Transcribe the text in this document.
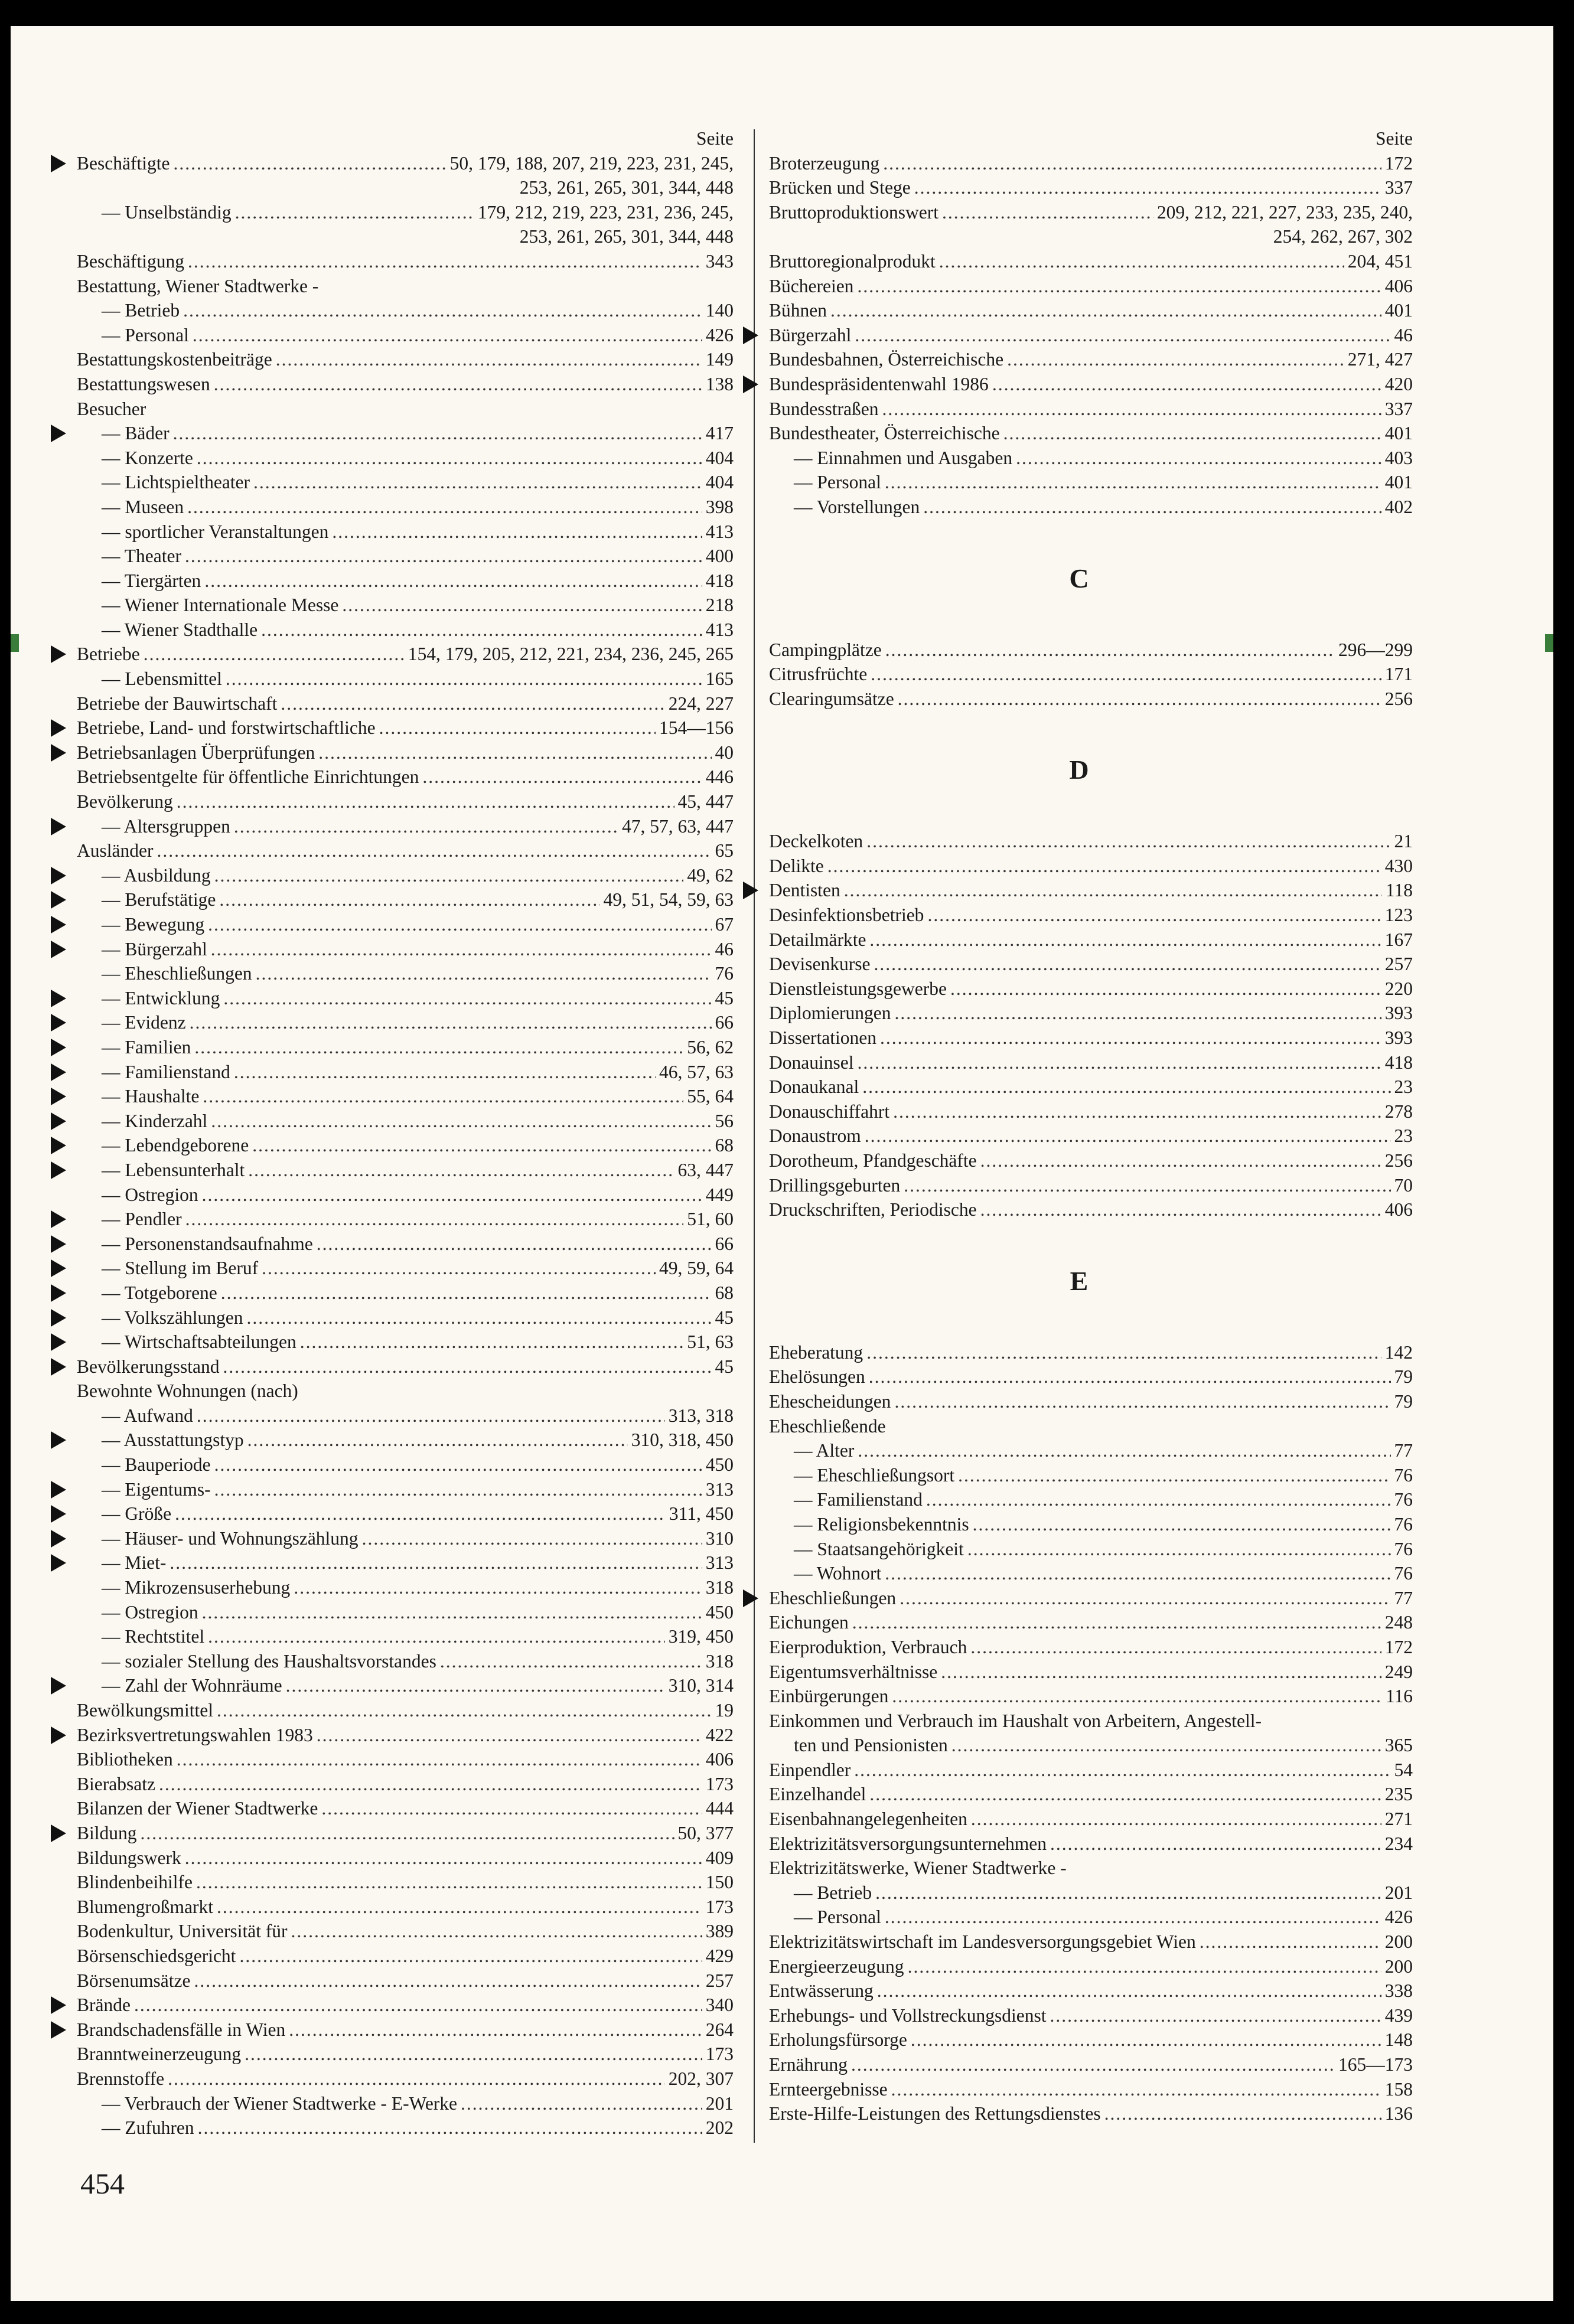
Seite
Beschäftigte .....	50, 179, 188, 207, 219, 223, 231, 245,
253, 261, 265, 301, 344, 448
— Unselbständig .....	179, 212, 219, 223, 231, 236, 245,
253, 261, 265, 301, 344, 448
Beschäftigung .....	343
Bestattung, Wiener Stadtwerke -
— Betrieb .....	140
— Personal .....	426
Bestattungskostenbeiträge .....	149
Bestattungswesen .....	138
Besucher
— Bäder .....	417
— Konzerte .....	404
— Lichtspieltheater .....	404
— Museen .....	398
— sportlicher Veranstaltungen .....	413
— Theater .....	400
— Tiergärten .....	418
— Wiener Internationale Messe .....	218
— Wiener Stadthalle .....	413
Betriebe .....	154, 179, 205, 212, 221, 234, 236, 245, 265
— Lebensmittel .....	165
Betriebe der Bauwirtschaft .....	224, 227
Betriebe, Land- und forstwirtschaftliche .....	154—156
Betriebsanlagen Überprüfungen .....	40
Betriebsentgelte für öffentliche Einrichtungen .....	446
Bevölkerung .....	45, 447
— Altersgruppen .....	47, 57, 63, 447
Ausländer .....	65
— Ausbildung .....	49, 62
— Berufstätige .....	49, 51, 54, 59, 63
— Bewegung .....	67
— Bürgerzahl .....	46
— Eheschließungen .....	76
— Entwicklung .....	45
— Evidenz .....	66
— Familien .....	56, 62
— Familienstand .....	46, 57, 63
— Haushalte .....	55, 64
— Kinderzahl .....	56
— Lebendgeborene .....	68
— Lebensunterhalt .....	63, 447
— Ostregion .....	449
— Pendler .....	51, 60
— Personenstandsaufnahme .....	66
— Stellung im Beruf .....	49, 59, 64
— Totgeborene .....	68
— Volkszählungen .....	45
— Wirtschaftsabteilungen .....	51, 63
Bevölkerungsstand .....	45
Bewohnte Wohnungen (nach)
— Aufwand .....	313, 318
— Ausstattungstyp .....	310, 318, 450
— Bauperiode .....	450
— Eigentums- .....	313
— Größe .....	311, 450
— Häuser- und Wohnungszählung .....	310
— Miet- .....	313
— Mikrozensuserhebung .....	318
— Ostregion .....	450
— Rechtstitel .....	319, 450
— sozialer Stellung des Haushaltsvorstandes .....	318
— Zahl der Wohnräume .....	310, 314
Bewölkungsmittel .....	19
Bezirksvertretungswahlen 1983 .....	422
Bibliotheken .....	406
Bierabsatz .....	173
Bilanzen der Wiener Stadtwerke .....	444
Bildung .....	50, 377
Bildungswerk .....	409
Blindenbeihilfe .....	150
Blumengroßmarkt .....	173
Bodenkultur, Universität für .....	389
Börsenschiedsgericht .....	429
Börsenumsätze .....	257
Brände .....	340
Brandschadensfälle in Wien .....	264
Branntweinerzeugung .....	173
Brennstoffe .....	202, 307
— Verbrauch der Wiener Stadtwerke - E-Werke .....	201
— Zufuhren .....	202
Seite
Broterzeugung .....	172
Brücken und Stege .....	337
Bruttoproduktionswert .....	209, 212, 221, 227, 233, 235, 240,
254, 262, 267, 302
Bruttoregionalprodukt .....	204, 451
Büchereien .....	406
Bühnen .....	401
Bürgerzahl .....	46
Bundesbahnen, Österreichische .....	271, 427
Bundespräsidentenwahl 1986 .....	420
Bundesstraßen .....	337
Bundestheater, Österreichische .....	401
— Einnahmen und Ausgaben .....	403
— Personal .....	401
— Vorstellungen .....	402
C
Campingplätze .....	296—299
Citrusfrüchte .....	171
Clearingumsätze .....	256
D
Deckelkoten .....	21
Delikte .....	430
Dentisten .....	118
Desinfektionsbetrieb .....	123
Detailmärkte .....	167
Devisenkurse .....	257
Dienstleistungsgewerbe .....	220
Diplomierungen .....	393
Dissertationen .....	393
Donauinsel .....	418
Donaukanal .....	23
Donauschiffahrt .....	278
Donaustrom .....	23
Dorotheum, Pfandgeschäfte .....	256
Drillingsgeburten .....	70
Druckschriften, Periodische .....	406
E
Eheberatung .....	142
Ehelösungen .....	79
Ehescheidungen .....	79
Eheschließende
— Alter .....	77
— Eheschließungsort .....	76
— Familienstand .....	76
— Religionsbekenntnis .....	76
— Staatsangehörigkeit .....	76
— Wohnort .....	76
Eheschließungen .....	77
Eichungen .....	248
Eierproduktion, Verbrauch .....	172
Eigentumsverhältnisse .....	249
Einbürgerungen .....	116
Einkommen und Verbrauch im Haushalt von Arbeitern, Angestell-
ten und Pensionisten .....	365
Einpendler .....	54
Einzelhandel .....	235
Eisenbahnangelegenheiten .....	271
Elektrizitätsversorgungsunternehmen .....	234
Elektrizitätswerke, Wiener Stadtwerke -
— Betrieb .....	201
— Personal .....	426
Elektrizitätswirtschaft im Landesversorgungsgebiet Wien .....	200
Energieerzeugung .....	200
Entwässerung .....	338
Erhebungs- und Vollstreckungsdienst .....	439
Erholungsfürsorge .....	148
Ernährung .....	165—173
Ernteergebnisse .....	158
Erste-Hilfe-Leistungen des Rettungsdienstes .....	136
454
